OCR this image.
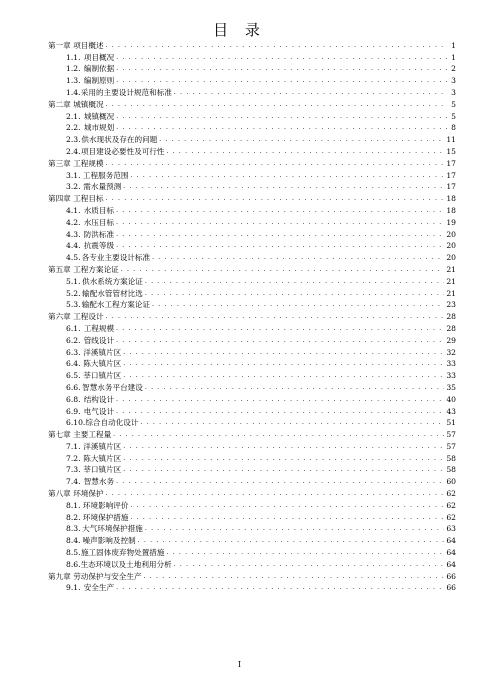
目 录
第一章 项目概述 . . .	1
1.1. 项目概况 . . .	1
1.2. 编制依据 . . .	2
1.3. 编制原则 . . .	3
1.4. 采用的主要设计规范和标准 . . .	3
第二章 城镇概况 . . .	5
2.1. 城镇概况 . . .	5
2.2. 城市规划 . . .	8
2.3. 供水现状及存在的问题 . . .	11
2.4. 项目建设必要性及可行性 . . .	15
第三章 工程规模 . . .	17
3.1. 工程服务范围 . . .	17
3.2. 需水量预测 . . .	17
第四章 工程目标 . . .	18
4.1. 水质目标 . . .	18
4.2. 水压目标 . . .	19
4.3. 防洪标准 . . .	20
4.4. 抗震等级 . . .	20
4.5. 各专业主要设计标准 . . .	20
第五章 工程方案论证 . . .	21
5.1. 供水系统方案论证 . . .	21
5.2. 输配水管管材比选 . . .	21
5.3. 输配水工程方案论证 . . .	23
第六章 工程设计 . . .	28
6.1. 工程规模 . . .	28
6.2. 管线设计 . . .	29
6.3. 洋溪镇片区 . . .	32
6.4. 陈大镇片区 . . .	33
6.5. 莘口镇片区 . . .	33
6.6. 智慧水务平台建设 . . .	35
6.8. 结构设计 . . .	40
6.9. 电气设计 . . .	43
6.10. 综合自动化设计 . . .	51
第七章 主要工程量 . . .	57
7.1. 洋溪镇片区 . . .	57
7.2. 陈大镇片区 . . .	58
7.3. 莘口镇片区 . . .	58
7.4. 智慧水务 . . .	60
第八章 环境保护 . . .	62
8.1. 环境影响评价 . . .	62
8.2. 环境保护措施 . . .	62
8.3. 大气环境保护措施 . . .	63
8.4. 噪声影响及控制 . . .	64
8.5. 施工固体废弃物处置措施 . . .	64
8.6. 生态环境以及土地利用分析 . . .	64
第九章 劳动保护与安全生产 . . .	66
9.1. 安全生产 . . .	66
I
